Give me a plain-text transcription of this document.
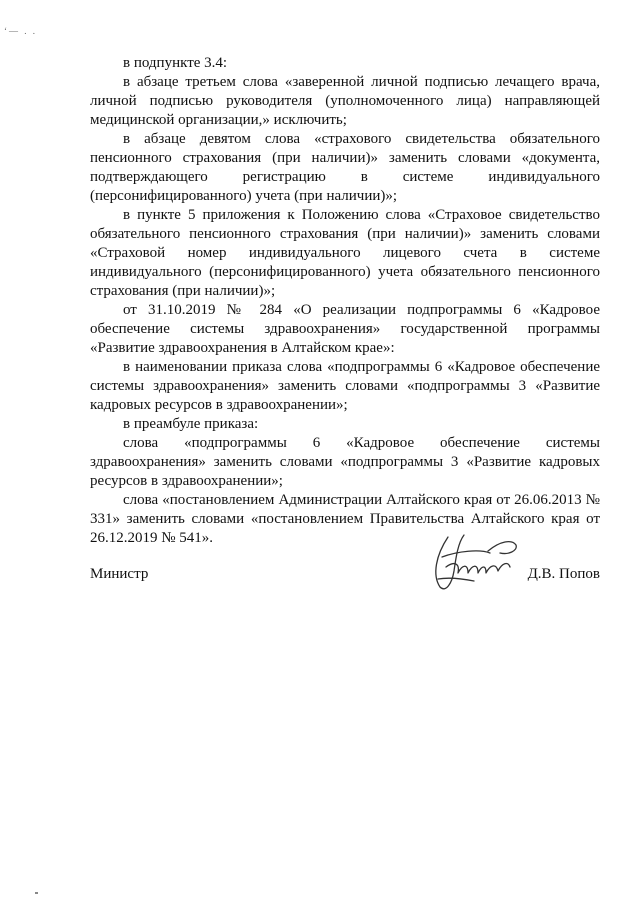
‘— . .

в подпункте 3.4:

в абзаце третьем слова «заверенной личной подписью лечащего врача, личной подписью руководителя (уполномоченного лица) направляющей медицинской организации,» исключить;

в абзаце девятом слова «страхового свидетельства обязательного пенсионного страхования (при наличии)» заменить словами «документа, подтверждающего регистрацию в системе индивидуального (персонифицированного) учета (при наличии)»;

в пункте 5 приложения к Положению слова «Страховое свидетельство обязательного пенсионного страхования (при наличии)» заменить словами «Страховой номер индивидуального лицевого счета в системе индивидуального (персонифицированного) учета обязательного пенсионного страхования (при наличии)»;

от 31.10.2019 № 284 «О реализации подпрограммы 6 «Кадровое обеспечение системы здравоохранения» государственной программы «Развитие здравоохранения в Алтайском крае»:

в наименовании приказа слова «подпрограммы 6 «Кадровое обеспечение системы здравоохранения» заменить словами «подпрограммы 3 «Развитие кадровых ресурсов в здравоохранении»;

в преамбуле приказа:

слова «подпрограммы 6 «Кадровое обеспечение системы здравоохранения» заменить словами «подпрограммы 3 «Развитие кадровых ресурсов в здравоохранении»;

слова «постановлением Администрации Алтайского края от 26.06.2013 № 331» заменить словами «постановлением Правительства Алтайского края от 26.12.2019 № 541».

Министр	Д.В. Попов
